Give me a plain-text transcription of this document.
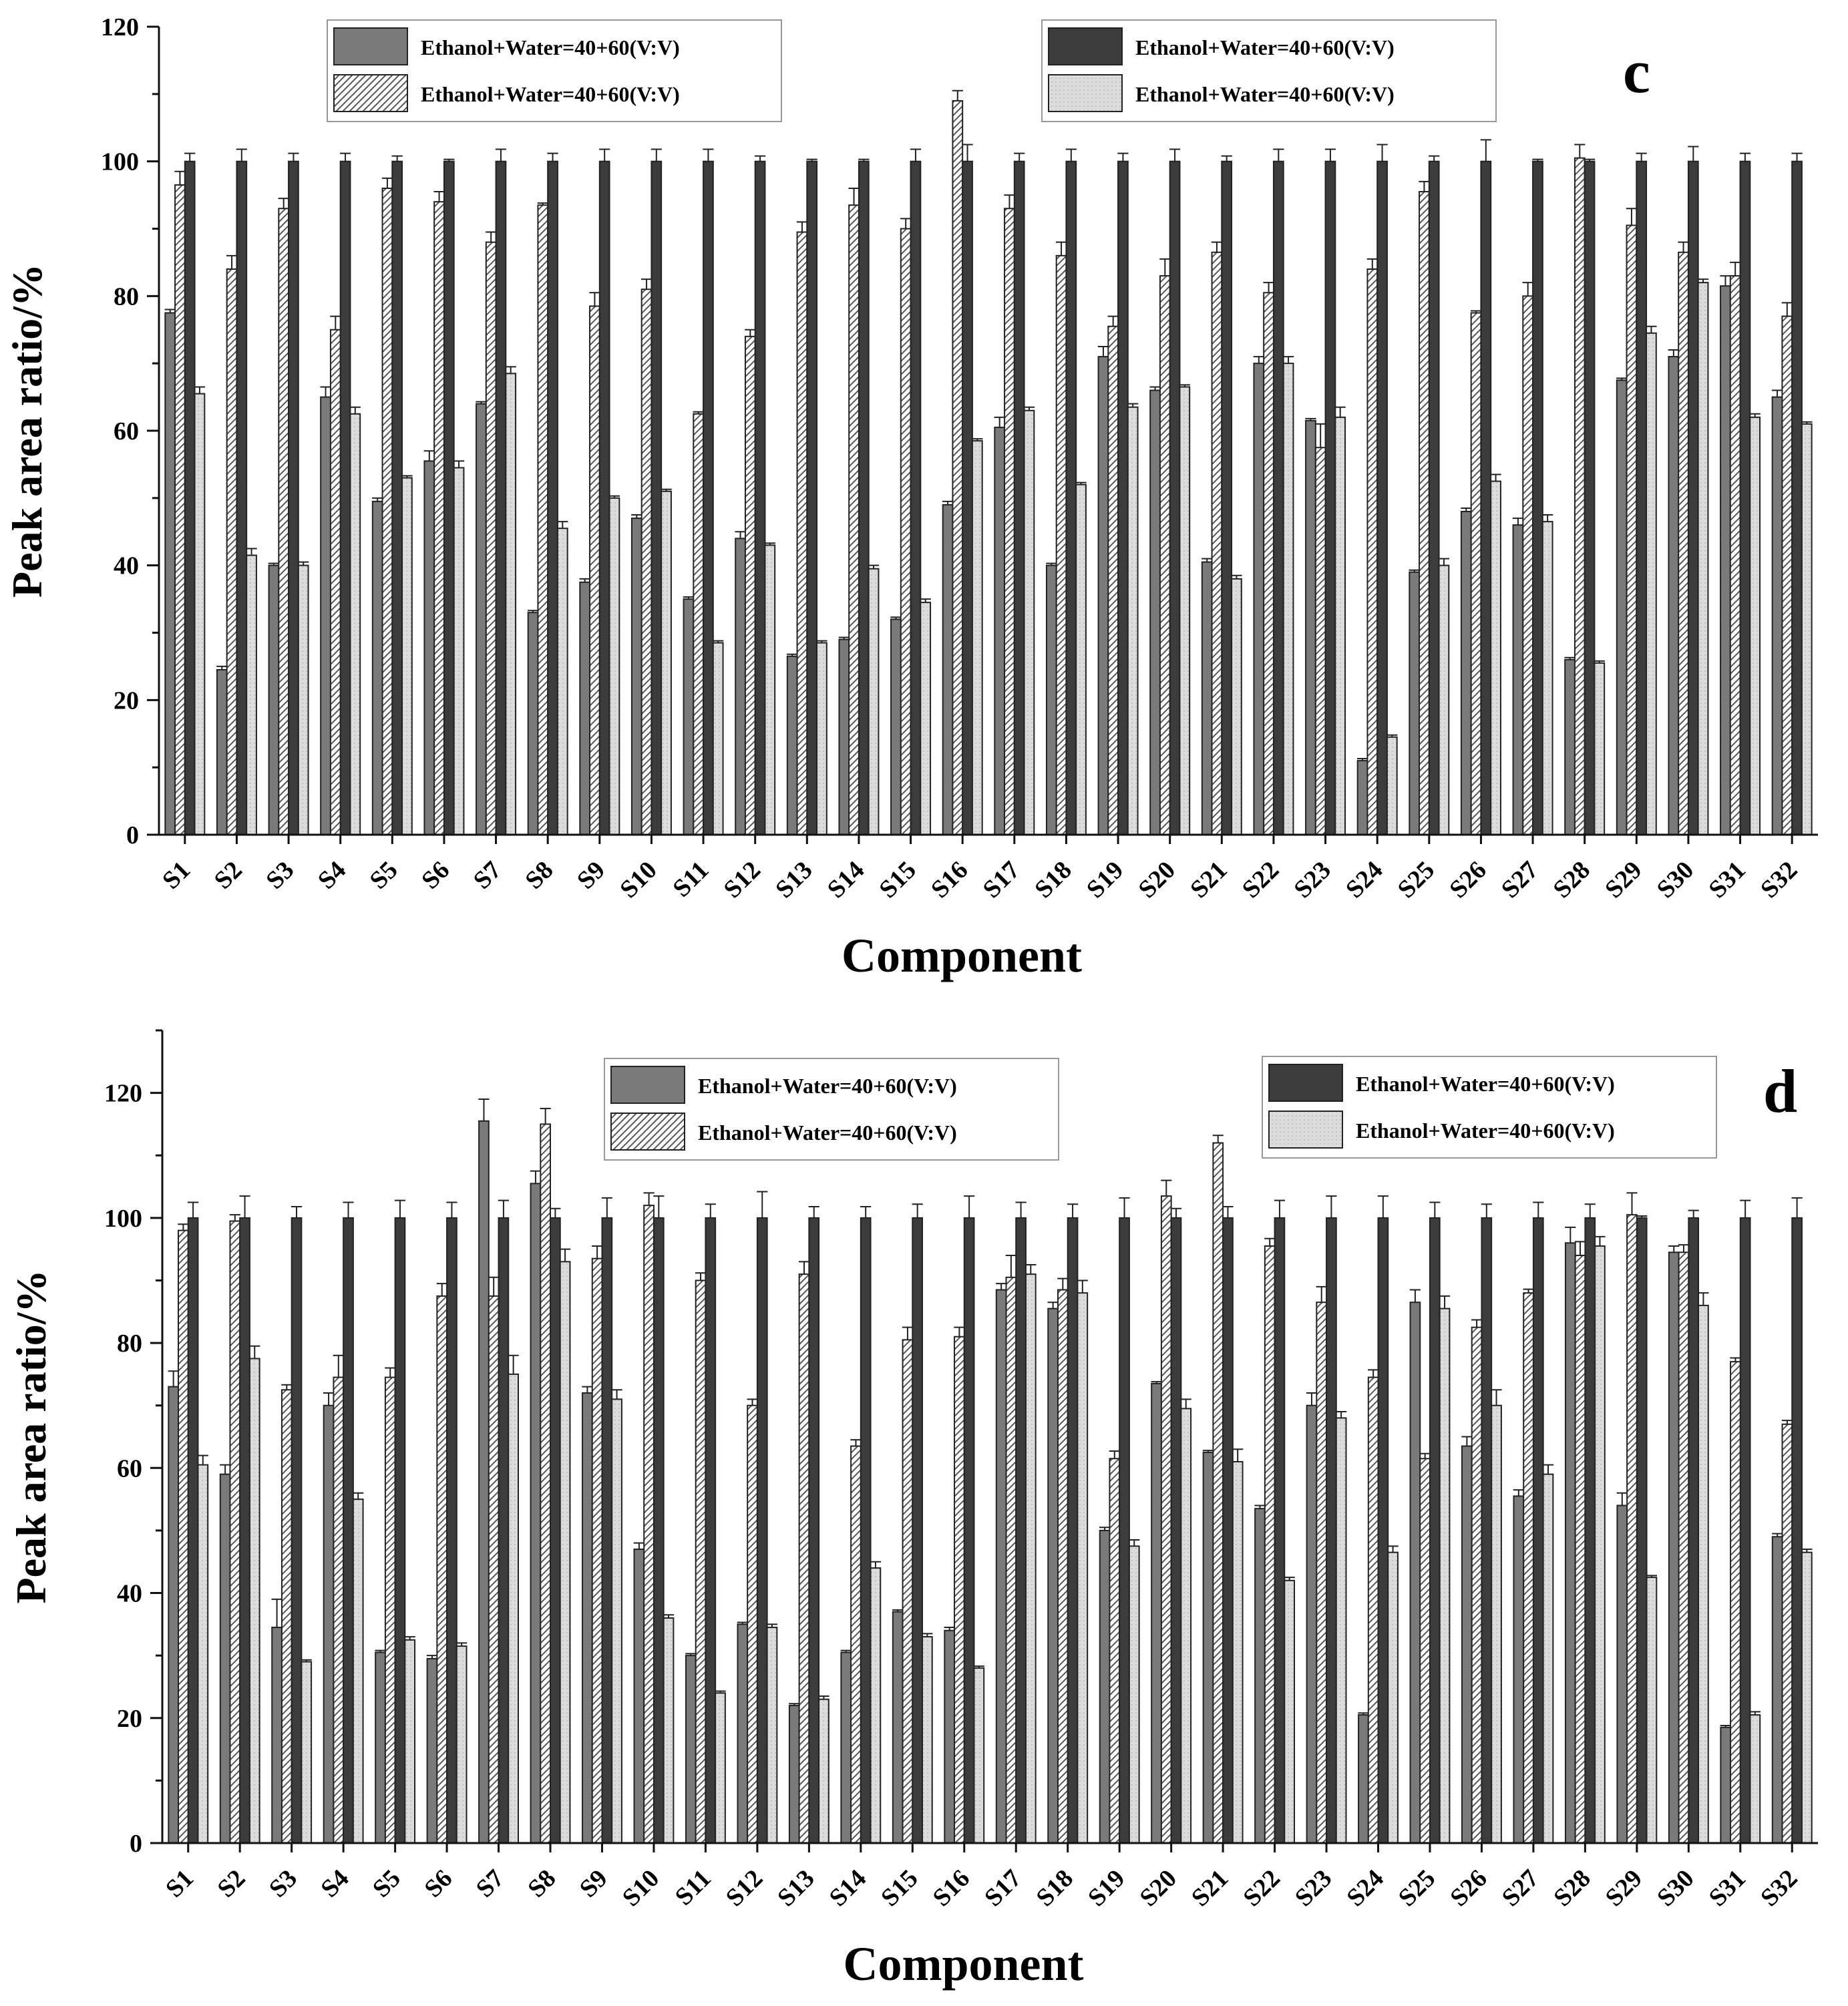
0
20
40
60
80
100
120
S1 S2 S3 S4 S5 S6 S7 S8 S9 S10 S11 S12 S13 S14 S15 S16 S17 S18 S19 S20 S21 S22 S23 S24 S25 S26 S27 S28 S29 S30 S31 S32
Peak area ratio/%
Component
c
Ethanol+Water=40+60(V:V)
Ethanol+Water=40+60(V:V)
Ethanol+Water=40+60(V:V)
Ethanol+Water=40+60(V:V)
0
20
40
60
80
100
120
S1 S2 S3 S4 S5 S6 S7 S8 S9 S10 S11 S12 S13 S14 S15 S16 S17 S18 S19 S20 S21 S22 S23 S24 S25 S26 S27 S28 S29 S30 S31 S32
Peak area ratio/%
Component
d
Ethanol+Water=40+60(V:V)
Ethanol+Water=40+60(V:V)
Ethanol+Water=40+60(V:V)
Ethanol+Water=40+60(V:V)
